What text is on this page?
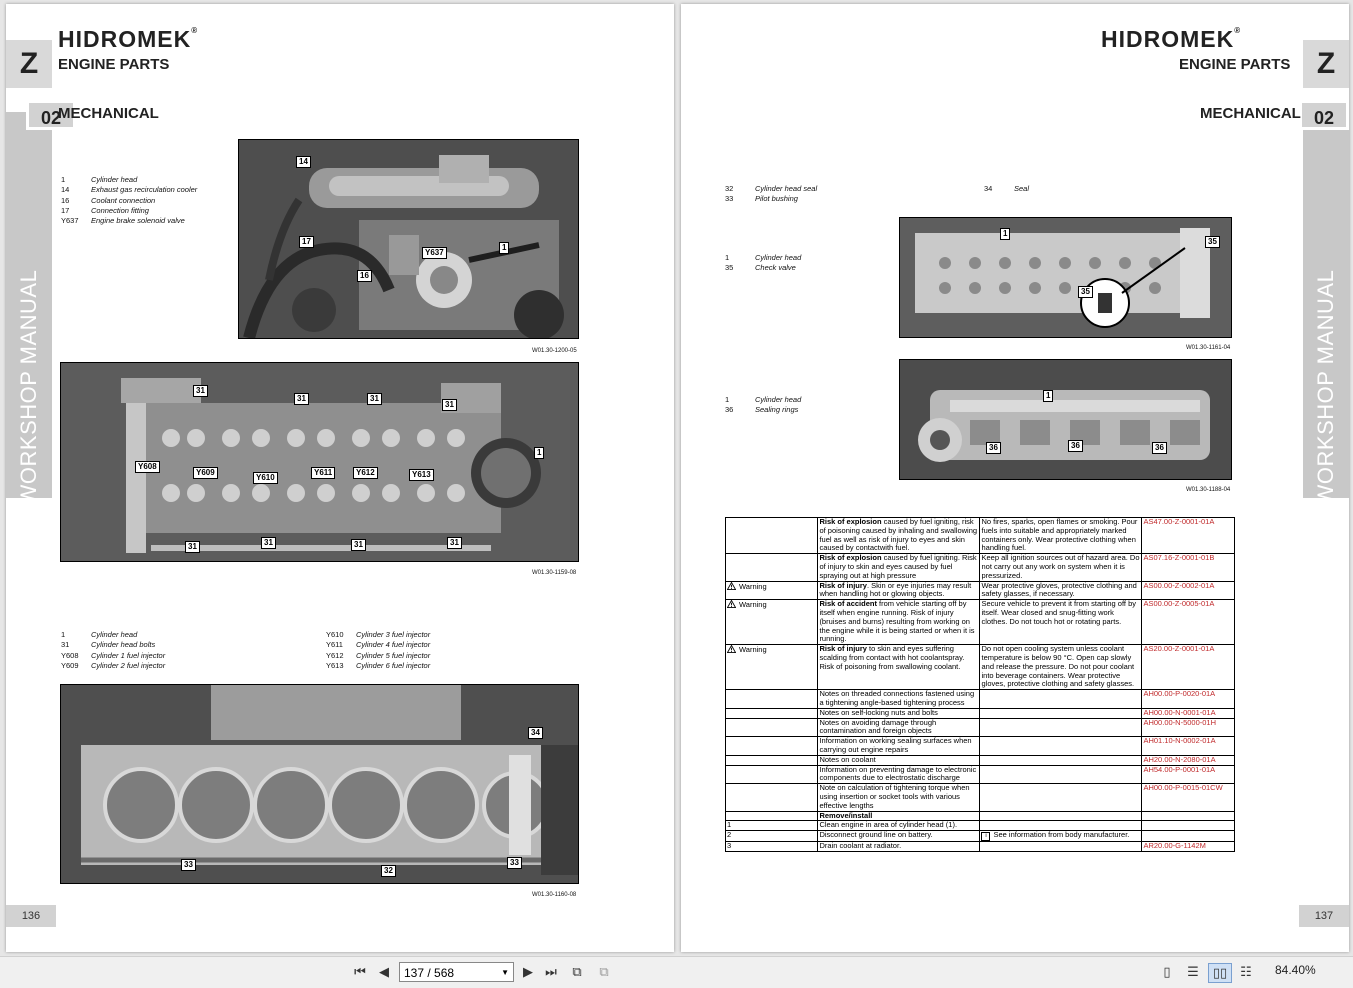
Z
HIDROMEK®
ENGINE PARTS
HMK 635WL WORKSHOP MANUAL
02
MECHANICAL
1	Cylinder head
14	Exhaust gas recirculation cooler
16	Coolant connection
17	Connection fitting
Y637	Engine brake solenoid valve
14
17
16
Y637
1
W01.30-1200-05
31
31	31
31
Y608
Y609
Y610
Y611	Y612	Y613
1
31	31	31	31
W01.30-1159-08
1	Cylinder head
31	Cylinder head bolts
Y608	Cylinder 1 fuel injector
Y609	Cylinder 2 fuel injector
Y610	Cylinder 3 fuel injector
Y611	Cylinder 4 fuel injector
Y612	Cylinder 5 fuel injector
Y613	Cylinder 6 fuel injector
34
33
32
33
W01.30-1160-08
136
Z
HIDROMEK®
ENGINE PARTS
HMK 635WL WORKSHOP MANUAL
02
MECHANICAL
32	Cylinder head seal
33	Pilot bushing
34	Seal
1	Cylinder head
35	Check valve
1
35
35
W01.30-1161-04
1	Cylinder head
36	Sealing rings
1
36	36	36
W01.30-1188-04
	Risk of explosion caused by fuel igniting, risk of poisoning caused by inhaling and swallowing fuel as well as risk of injury to eyes and skin caused by contactwith fuel.	No fires, sparks, open flames or smoking. Pour fuels into suitable and appropriately marked containers only. Wear protective clothing when handling fuel.	AS47.00-Z-0001-01A
	Risk of explosion caused by fuel igniting. Risk of injury to skin and eyes caused by fuel spraying out at high pressure	Keep all ignition sources out of hazard area. Do not carry out any work on system when it is pressurized.	AS07.16-Z-0001-01B
Warning	Risk of injury. Skin or eye injuries may result when handling hot or glowing objects.	Wear protective gloves, protective clothing and safety glasses, if necessary.	AS00.00-Z-0002-01A
Warning	Risk of accident from vehicle starting off by itself when engine running. Risk of injury (bruises and burns) resulting from working on the engine while it is being started or when it is running.	Secure vehicle to prevent it from starting off by itself. Wear closed and snug-fitting work clothes. Do not touch hot or rotating parts.	AS00.00-Z-0005-01A
Warning	Risk of injury to skin and eyes suffering scalding from contact with hot coolantspray. Risk of poisoning from swallowing coolant.	Do not open cooling system unless coolant temperature is below 90 °C. Open cap slowly and release the pressure. Do not pour coolant into beverage containers. Wear protective gloves, protective clothing and safety glasses.	AS20.00-Z-0001-01A
	Notes on threaded connections fastened using a tightening angle-based tightening process		AH00.00-P-0020-01A
	Notes on self-locking nuts and bolts		AH00.00-N-0001-01A
	Notes on avoiding damage through contamination and foreign objects		AH00.00-N-5000-01H
	Information on working sealing surfaces when carrying out engine repairs		AH01.10-N-0002-01A
	Notes on coolant		AH20.00-N-2080-01A
	Information on preventing damage to electronic components due to electrostatic discharge		AH54.00-P-0001-01A
	Note on calculation of tightening torque when using insertion or socket tools with various effective lengths		AH00.00-P-0015-01CW
	Remove/install		
1	Clean engine in area of cylinder head (1).		
2	Disconnect ground line on battery.	i See information from body manufacturer.	
3	Drain coolant at radiator.		AR20.00-G-1142M
137
⏮	◀	137 / 568	▼	▶ ⏭	⧉	⧉	▯	☰	▯▯	☷	84.40%
